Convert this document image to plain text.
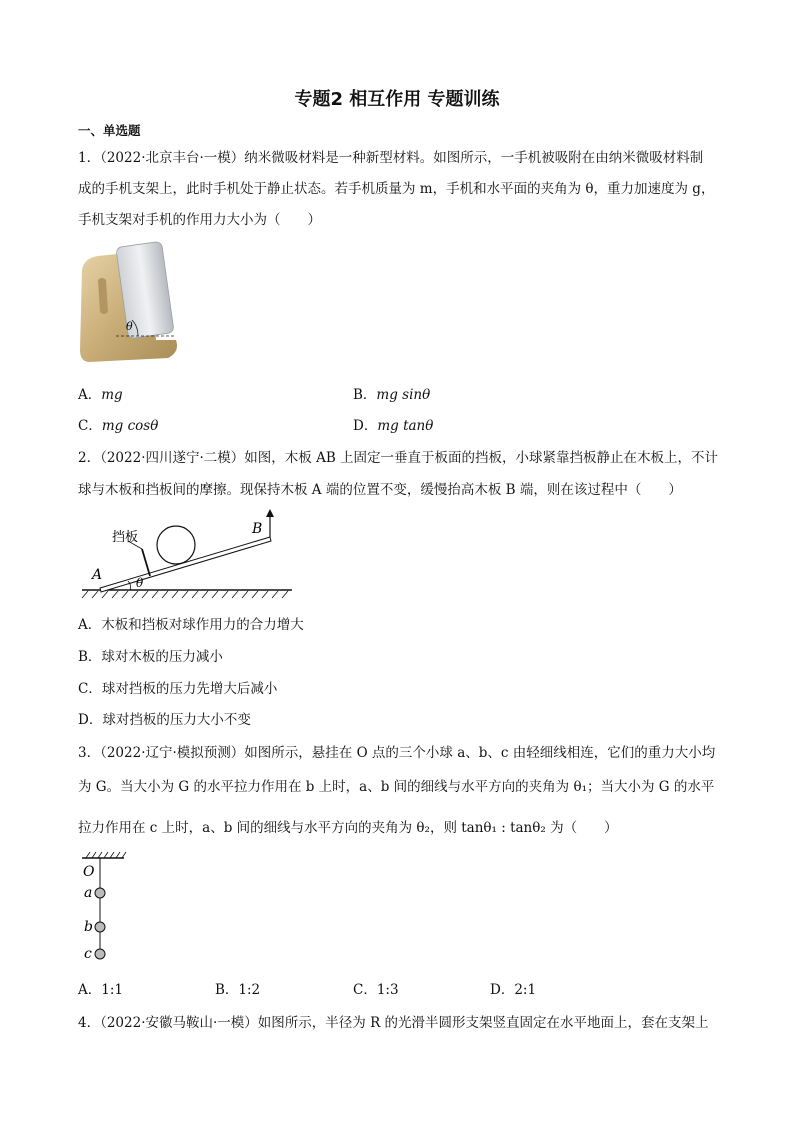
专题2 相互作用 专题训练
一、单选题
1．（2022·北京丰台·一模）纳米微吸材料是一种新型材料。如图所示，一手机被吸附在由纳米微吸材料制
成的手机支架上，此时手机处于静止状态。若手机质量为 m，手机和水平面的夹角为 θ，重力加速度为 g，
手机支架对手机的作用力大小为（　　）
θ
A．mg	B．mg sinθ
C．mg cosθ	D．mg tanθ
2．（2022·四川遂宁·二模）如图，木板 AB 上固定一垂直于板面的挡板，小球紧靠挡板静止在木板上，不计
球与木板和挡板间的摩擦。现保持木板 A 端的位置不变，缓慢抬高木板 B 端，则在该过程中（　　）
挡板
A
B
θ
A．木板和挡板对球作用力的合力增大
B．球对木板的压力减小
C．球对挡板的压力先增大后减小
D．球对挡板的压力大小不变
3．（2022·辽宁·模拟预测）如图所示，悬挂在 O 点的三个小球 a、b、c 由轻细线相连，它们的重力大小均
为 G。当大小为 G 的水平拉力作用在 b 上时，a、b 间的细线与水平方向的夹角为 θ₁；当大小为 G 的水平
拉力作用在 c 上时，a、b 间的细线与水平方向的夹角为 θ₂，则 tanθ₁ : tanθ₂ 为（　　）
O
a
b
c
A．1:1	B．1:2	C．1:3	D．2:1
4．（2022·安徽马鞍山·一模）如图所示，半径为 R 的光滑半圆形支架竖直固定在水平地面上，套在支架上
